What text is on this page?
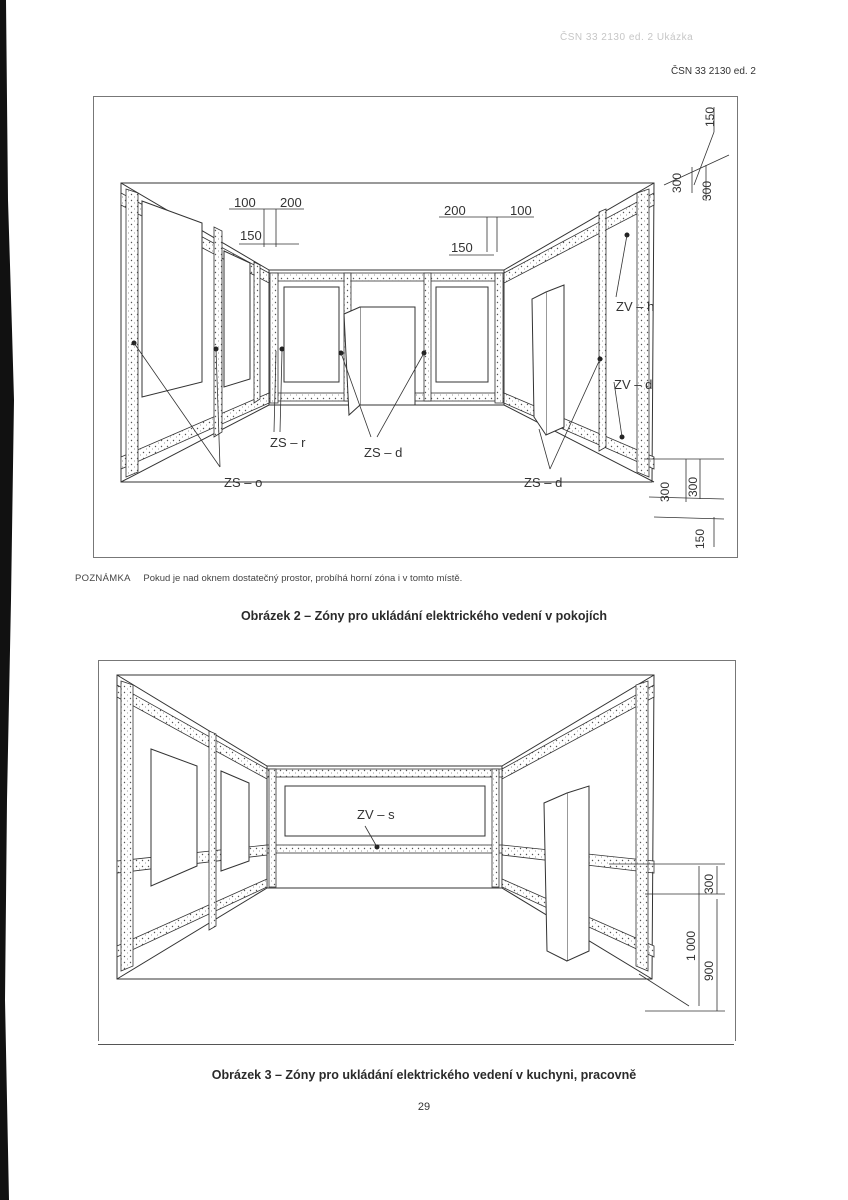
ČSN 33 2130 ed. 2 Ukázka
ČSN 33 2130 ed. 2
100 200
150
200	100
150
150
300 300
300 300
150
ZS – r
ZS – d
ZS – o	ZS – d
ZV – h
ZV – d
POZNÁMKA Pokud je nad oknem dostatečný prostor, probíhá horní zóna i v tomto místě.
Obrázek 2 – Zóny pro ukládání elektrického vedení v pokojích
ZV – s
300
1 000
900
Obrázek 3 – Zóny pro ukládání elektrického vedení v kuchyni, pracovně
29
